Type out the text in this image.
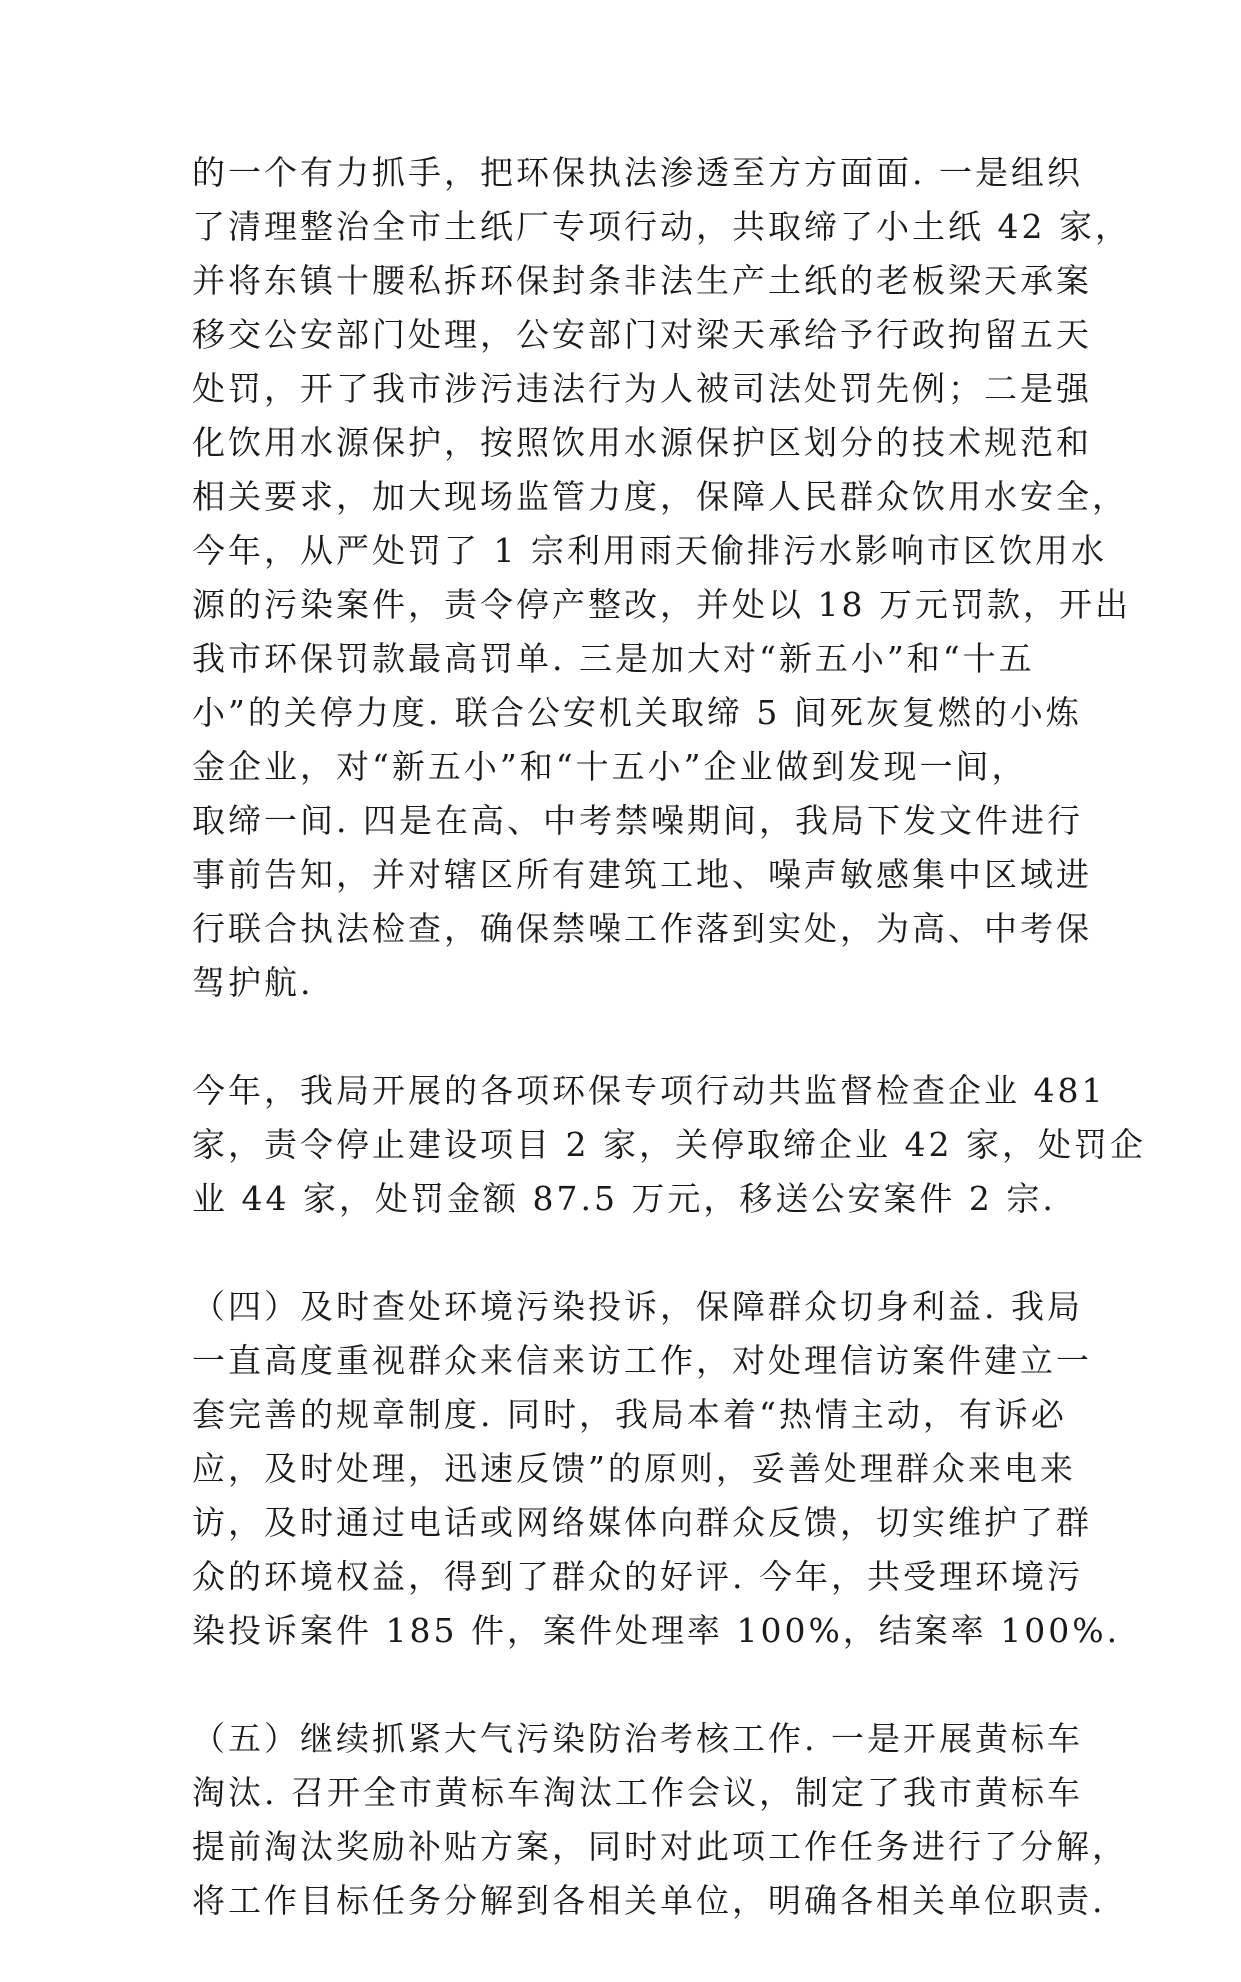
的一个有力抓手，把环保执法渗透至方方面面. 一是组织
了清理整治全市土纸厂专项行动，共取缔了小土纸 42 家，
并将东镇十腰私拆环保封条非法生产土纸的老板梁天承案
移交公安部门处理，公安部门对梁天承给予行政拘留五天
处罚，开了我市涉污违法行为人被司法处罚先例；二是强
化饮用水源保护，按照饮用水源保护区划分的技术规范和
相关要求，加大现场监管力度，保障人民群众饮用水安全，
今年，从严处罚了 1 宗利用雨天偷排污水影响市区饮用水
源的污染案件，责令停产整改，并处以 18 万元罚款，开出
我市环保罚款最高罚单. 三是加大对“新五小”和“十五
小”的关停力度. 联合公安机关取缔 5 间死灰复燃的小炼
金企业，对“新五小”和“十五小”企业做到发现一间，
取缔一间. 四是在高、中考禁噪期间，我局下发文件进行
事前告知，并对辖区所有建筑工地、噪声敏感集中区域进
行联合执法检查，确保禁噪工作落到实处，为高、中考保
驾护航.
今年，我局开展的各项环保专项行动共监督检查企业 481
家，责令停止建设项目 2 家，关停取缔企业 42 家，处罚企
业 44 家，处罚金额 87.5 万元，移送公安案件 2 宗.
（四）及时查处环境污染投诉，保障群众切身利益. 我局
一直高度重视群众来信来访工作，对处理信访案件建立一
套完善的规章制度. 同时，我局本着“热情主动，有诉必
应，及时处理，迅速反馈”的原则，妥善处理群众来电来
访，及时通过电话或网络媒体向群众反馈，切实维护了群
众的环境权益，得到了群众的好评. 今年，共受理环境污
染投诉案件 185 件，案件处理率 100%，结案率 100%.
（五）继续抓紧大气污染防治考核工作. 一是开展黄标车
淘汰. 召开全市黄标车淘汰工作会议，制定了我市黄标车
提前淘汰奖励补贴方案，同时对此项工作任务进行了分解，
将工作目标任务分解到各相关单位，明确各相关单位职责.
